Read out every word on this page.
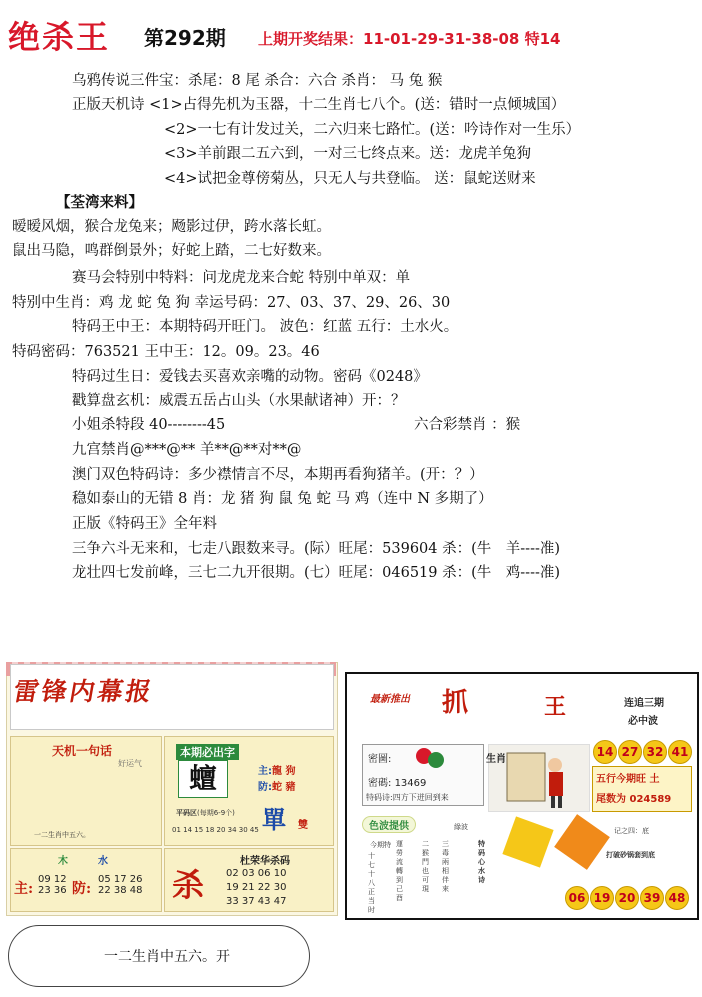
绝杀王 第292期 上期开奖结果：11-01-29-31-38-08 特14
乌鸦传说三件宝：杀尾：8 尾 杀合：六合 杀肖： 马 兔 猴
正版天机诗 <1>占得先机为玉器，十二生肖七八个。(送：错时一点倾城国）
<2>一七有计发过关，二六归来七路忙。(送：吟诗作对一生乐）
<3>羊前跟二五六到，一对三七终点来。送：龙虎羊兔狗
<4>试把金尊傍菊丛，只无人与共登临。 送：鼠蛇送财来
【荃湾来料】
暧暧风烟，猴合龙兔来；飏影过伊，跨水落长虹。
鼠出马隐，鸣群倒景外；好蛇上踏，二七好数来。
赛马会特别中特料：问龙虎龙来合蛇 特别中单双：单
特别中生肖：鸡 龙 蛇 兔 狗 幸运号码：27、03、37、29、26、30
特码王中王：本期特码开旺门。 波色：红蓝 五行：土水火。
特码密码：763521 王中王：12。09。23。46
特码过生日：爱钱去买喜欢亲嘴的动物。密码《0248》
戳算盘玄机：威震五岳占山头（水果献诸神）开：？
小姐杀特段 40--------45	六合彩禁肖 ：猴
九宫禁肖@***@** 羊**@**对**@
澳门双色特码诗：多少襟情言不尽，本期再看狗猪羊。(开：？）
稳如泰山的无错 8 肖：龙 猪 狗 鼠 兔 蛇 马 鸡（连中 N 多期了）
正版《特码王》全年料
三争六斗无来和，七走八跟数来寻。(际）旺尾：539604 杀：(牛　羊----准)
龙壮四七发前峰，三七二九开很期。(七）旺尾：046519 杀：(牛　鸡----准)
雷锋内幕报
天机一句话
好运气
一二生肖中五六。
本期必出字
蟺	主:龍 狗
防:蛇 豬
平码区(每期6-9个)
01 14 15 18 20 34 30 45 單 雙
木	水
主:
09 12 23 36 防:
05 17 26 22 38 48 杀
杜荣华杀码
02 03 06 10
19 21 22 30
33 37 43 47
最新推出 抓	王	连追三期
必中波
14 27 32 41
五行今期旺 土
尾数为 024589
密圖:
密碼: 13469
特码诗:四方下迸回到来
生肖
色波提供	綠波
今期特
十七十八正当时
運勞流轉到己酉
二猴門也可現
三毒兩相伴來
特码心水诗
记之四：底
打破砂锅套到底
06 19 20 39 48
一二生肖中五六。开
